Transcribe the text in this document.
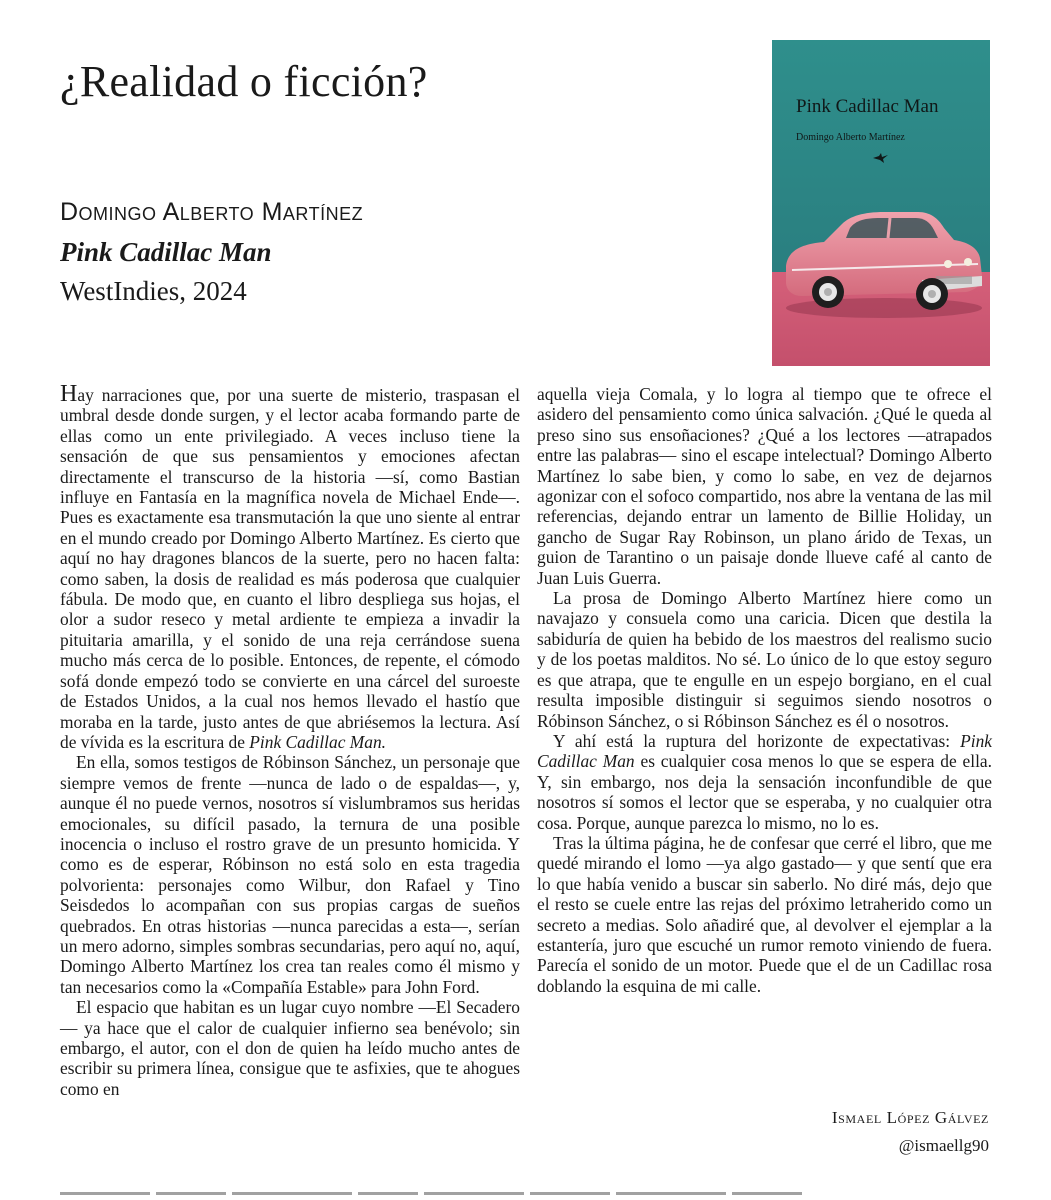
¿Realidad o ficción?

Domingo Alberto Martínez

Pink Cadillac Man

WestIndies, 2024

Pink Cadillac Man

Domingo Alberto Martínez

Hay narraciones que, por una suerte de misterio, traspasan el umbral desde donde surgen, y el lector acaba formando parte de ellas como un ente privilegiado. A veces incluso tiene la sensación de que sus pensamientos y emociones afectan directamente el transcurso de la historia —sí, como Bastian influye en Fantasía en la magnífica novela de Michael Ende—. Pues es exactamente esa transmutación la que uno siente al entrar en el mundo creado por Domingo Alberto Martínez. Es cierto que aquí no hay dragones blancos de la suerte, pero no hacen falta: como saben, la dosis de realidad es más poderosa que cualquier fábula. De modo que, en cuanto el libro despliega sus hojas, el olor a sudor reseco y metal ardiente te empieza a invadir la pituitaria amarilla, y el sonido de una reja cerrándose suena mucho más cerca de lo posible. Entonces, de repente, el cómodo sofá donde empezó todo se convierte en una cárcel del suroeste de Estados Unidos, a la cual nos hemos llevado el hastío que moraba en la tarde, justo antes de que abriésemos la lectura. Así de vívida es la escritura de Pink Cadillac Man.

En ella, somos testigos de Róbinson Sánchez, un personaje que siempre vemos de frente —nunca de lado o de espaldas—, y, aunque él no puede vernos, nosotros sí vislumbramos sus heridas emocionales, su difícil pasado, la ternura de una posible inocencia o incluso el rostro grave de un presunto homicida. Y como es de esperar, Róbinson no está solo en esta tragedia polvorienta: personajes como Wilbur, don Rafael y Tino Seisdedos lo acompañan con sus propias cargas de sueños quebrados. En otras historias —nunca parecidas a esta—, serían un mero adorno, simples sombras secundarias, pero aquí no, aquí, Domingo Alberto Martínez los crea tan reales como él mismo y tan necesarios como la «Compañía Estable» para John Ford.

El espacio que habitan es un lugar cuyo nombre —El Secadero— ya hace que el calor de cualquier infierno sea benévolo; sin embargo, el autor, con el don de quien ha leído mucho antes de escribir su primera línea, consigue que te asfixies, que te ahogues como en

aquella vieja Comala, y lo logra al tiempo que te ofrece el asidero del pensamiento como única salvación. ¿Qué le queda al preso sino sus ensoñaciones? ¿Qué a los lectores —atrapados entre las palabras— sino el escape intelectual? Domingo Alberto Martínez lo sabe bien, y como lo sabe, en vez de dejarnos agonizar con el sofoco compartido, nos abre la ventana de las mil referencias, dejando entrar un lamento de Billie Holiday, un gancho de Sugar Ray Robinson, un plano árido de Texas, un guion de Tarantino o un paisaje donde llueve café al canto de Juan Luis Guerra.

La prosa de Domingo Alberto Martínez hiere como un navajazo y consuela como una caricia. Dicen que destila la sabiduría de quien ha bebido de los maestros del realismo sucio y de los poetas malditos. No sé. Lo único de lo que estoy seguro es que atrapa, que te engulle en un espejo borgiano, en el cual resulta imposible distinguir si seguimos siendo nosotros o Róbinson Sánchez, o si Róbinson Sánchez es él o nosotros.

Y ahí está la ruptura del horizonte de expectativas: Pink Cadillac Man es cualquier cosa menos lo que se espera de ella. Y, sin embargo, nos deja la sensación inconfundible de que nosotros sí somos el lector que se esperaba, y no cualquier otra cosa. Porque, aunque parezca lo mismo, no lo es.

Tras la última página, he de confesar que cerré el libro, que me quedé mirando el lomo —ya algo gastado— y que sentí que era lo que había venido a buscar sin saberlo. No diré más, dejo que el resto se cuele entre las rejas del próximo letraherido como un secreto a medias. Solo añadiré que, al devolver el ejemplar a la estantería, juro que escuché un rumor remoto viniendo de fuera. Parecía el sonido de un motor. Puede que el de un Cadillac rosa doblando la esquina de mi calle.

Ismael López Gálvez

@ismaellg90
